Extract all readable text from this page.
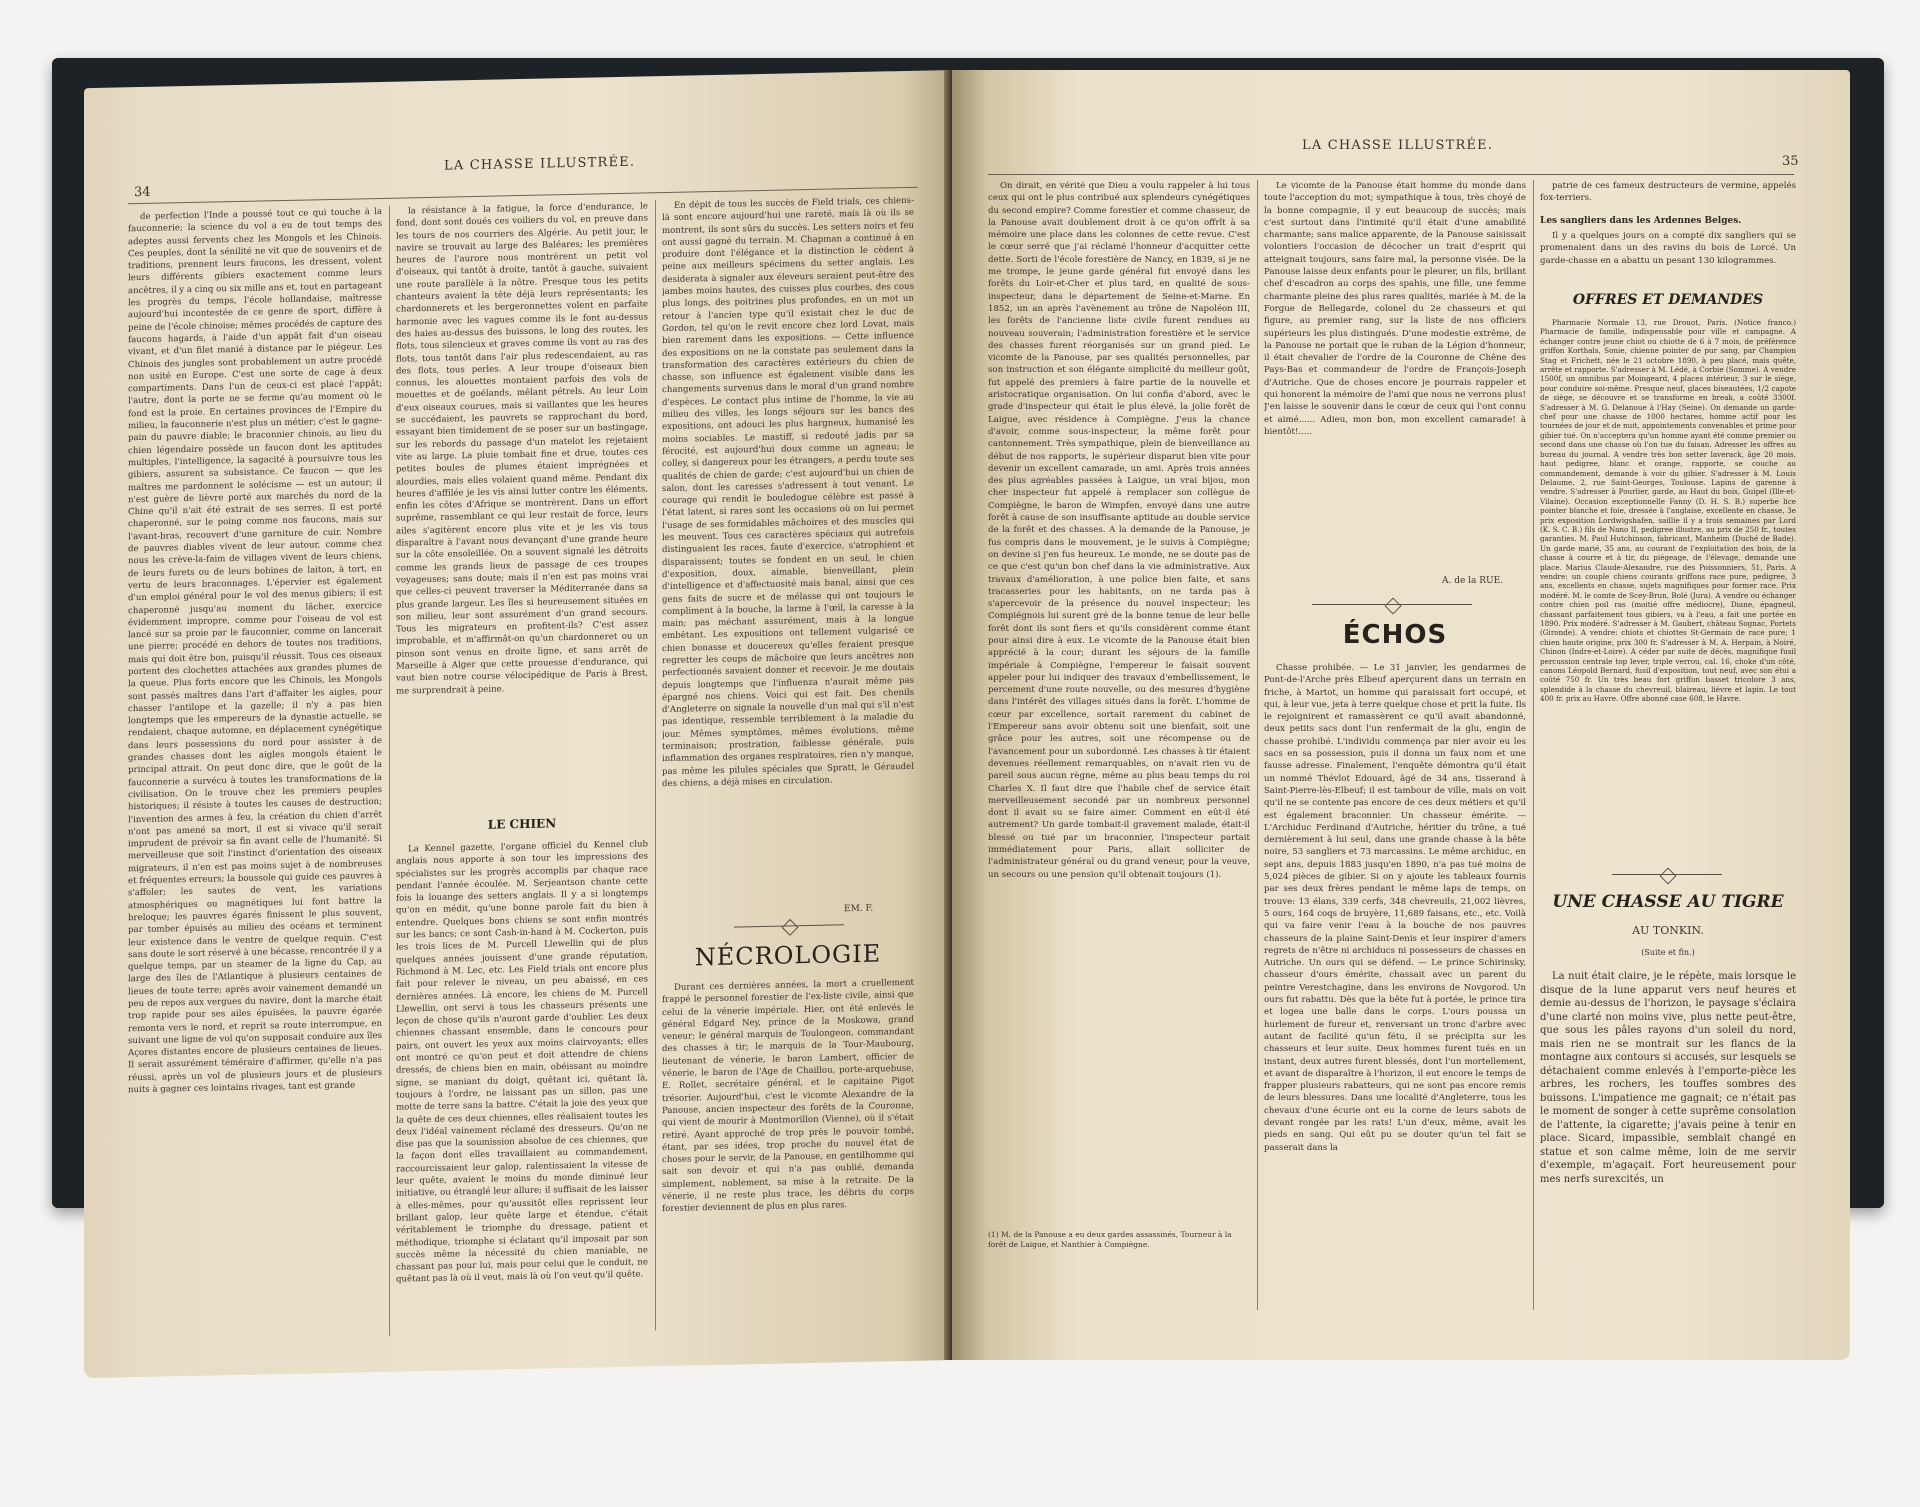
LA CHASSE ILLUSTRÉE.
34

de perfection l'Inde a poussé tout ce qui touche à la fauconnerie; la science du vol a eu de tout temps des adeptes aussi fervents chez les Mongols et les Chinois. Ces peuples, dont la sénilité ne vit que de souvenirs et de traditions, prennent leurs faucons, les dressent, volent leurs différents gibiers exactement comme leurs ancêtres, il y a cinq ou six mille ans et, tout en partageant les progrès du temps, l'école hollandaise, maîtresse aujourd'hui incontestée de ce genre de sport, diffère à peine de l'école chinoise; mêmes procédés de capture des faucons hagards, à l'aide d'un appât fait d'un oiseau vivant, et d'un filet manié à distance par le piégeur. Les Chinois des jungles sont probablement un autre procédé non usité en Europe. C'est une sorte de cage à deux compartiments. Dans l'un de ceux-ci est placé l'appât; l'autre, dont la porte ne se ferme qu'au moment où le fond est la proie. En certaines provinces de l'Empire du milieu, la fauconnerie n'est plus un métier; c'est le gagne-pain du pauvre diable; le braconnier chinois, au lieu du chien légendaire possède un faucon dont les aptitudes multiples, l'intelligence, la sagacité à poursuivre tous les gibiers, assurent sa subsistance. Ce faucon — que les maîtres me pardonnent le solécisme — est un autour; il n'est guère de lièvre porté aux marchés du nord de la Chine qu'il n'ait été extrait de ses serres. Il est porté chaperonné, sur le poing comme nos faucons, mais sur l'avant-bras, recouvert d'une garniture de cuir. Nombre de pauvres diables vivent de leur autour, comme chez nous les crève-la-faim de villages vivent de leurs chiens, de leurs furets ou de leurs bobines de laiton, à tort, en vertu de leurs braconnages. L'épervier est également d'un emploi général pour le vol des menus gibiers; il est chaperonné jusqu'au moment du lâcher, exercice évidemment impropre, comme pour l'oiseau de vol est lancé sur sa proie par le fauconnier, comme on lancerait une pierre; procédé en dehors de toutes nos traditions, mais qui doit être bon, puisqu'il réussit. Tous ces oiseaux portent des clochettes attachées aux grandes plumes de la queue. Plus forts encore que les Chinois, les Mongols sont passés maîtres dans l'art d'affaiter les aigles, pour chasser l'antilope et la gazelle; il n'y a pas bien longtemps que les empereurs de la dynastie actuelle, se rendaient, chaque automne, en déplacement cynégétique dans leurs possessions du nord pour assister à de grandes chasses dont les aigles mongols étaient le principal attrait. On peut donc dire, que le goût de la fauconnerie a survécu à toutes les transformations de la civilisation. On le trouve chez les premiers peuples historiques; il résiste à toutes les causes de destruction; l'invention des armes à feu, la création du chien d'arrêt n'ont pas amené sa mort, il est si vivace qu'il serait imprudent de prévoir sa fin avant celle de l'humanité. Si merveilleuse que soit l'instinct d'orientation des oiseaux migrateurs, il n'en est pas moins sujet à de nombreuses et fréquentes erreurs; la boussole qui guide ces pauvres à s'affoler; les sautes de vent, les variations atmosphériques ou magnétiques lui font battre la breloque; les pauvres égarés finissent le plus souvent, par tomber épuisés au milieu des océans et terminent leur existence dans le ventre de quelque requin. C'est sans doute le sort réservé à une bécasse, rencontrée il y a quelque temps, par un steamer de la ligne du Cap, au large des îles de l'Atlantique à plusieurs centaines de lieues de toute terre; après avoir vainement demandé un peu de repos aux vergues du navire, dont la marche était trop rapide pour ses ailes épuisées, la pauvre égarée remonta vers le nord, et reprit sa route interrompue, en suivant une ligne de vol qu'on supposait conduire aux îles Açores distantes encore de plusieurs centaines de lieues. Il serait assurément téméraire d'affirmer, qu'elle n'a pas réussi, après un vol de plusieurs jours et de plusieurs nuits à gagner ces lointains rivages, tant est grande

la résistance à la fatigue, la force d'endurance, le fond, dont sont doués ces voiliers du vol, en preuve dans les tours de nos courriers des Algérie. Au petit jour, le navire se trouvait au large des Baléares; les premières heures de l'aurore nous montrèrent un petit vol d'oiseaux, qui tantôt à droite, tantôt à gauche, suivaient une route parallèle à la nôtre. Presque tous les petits chanteurs avaient la tête déjà leurs représentants; les chardonnerets et les bergeronnettes volent en parfaite harmonie avec les vagues comme ils le font au-dessus des haies au-dessus des buissons, le long des routes, les flots, tous silencieux et graves comme ils vont au ras des flots, tous tantôt dans l'air plus redescendaient, au ras des flots, tous perles. A leur troupe d'oiseaux bien connus, les alouettes montaient parfois des vols de mouettes et de goélands, mêlant pétrels. Au leur Loin d'eux oiseaux courues, mais si vaillantes que les heures se succédaient, les pauvrets se rapprochant du bord, essayant bien timidement de se poser sur un bastingage, sur les rebords du passage d'un matelot les rejetaient vite au large. La pluie tombait fine et drue, toutes ces petites boules de plumes étaient imprégnées et alourdies, mais elles volaient quand même. Pendant dix heures d'affilée je les vis ainsi lutter contre les éléments, enfin les côtes d'Afrique se montrèrent. Dans un effort suprême, rassemblant ce qui leur restait de force, leurs ailes s'agitèrent encore plus vite et je les vis tous disparaître à l'avant nous devançant d'une grande heure sur la côte ensoleillée. On a souvent signalé les détroits comme les grands lieux de passage de ces troupes voyageuses; sans doute; mais il n'en est pas moins vrai que celles-ci peuvent traverser la Méditerranée dans sa plus grande largeur. Les îles si heureusement situées en son milieu, leur sont assurément d'un grand secours. Tous les migrateurs en profitent-ils? C'est assez improbable, et m'affirmât-on qu'un chardonneret ou un pinson sont venus en droite ligne, et sans arrêt de Marseille à Alger que cette prouesse d'endurance, qui vaut bien notre course vélocipédique de Paris à Brest, me surprendrait à peine.

LE CHIEN

La Kennel gazette, l'organe officiel du Kennel club anglais nous apporte à son tour les impressions des spécialistes sur les progrès accomplis par chaque race pendant l'année écoulée. M. Serjeantson chante cette fois la louange des setters anglais. Il y a si longtemps qu'on en médit, qu'une bonne parole fait du bien à entendre. Quelques bons chiens se sont enfin montrés sur les bancs; ce sont Cash-in-hand à M. Cockerton, puis les trois lices de M. Purcell Llewellin qui de plus quelques années jouissent d'une grande réputation, Richmond à M. Lec, etc. Les Field trials ont encore plus fait pour relever le niveau, un peu abaissé, en ces dernières années. Là encore, les chiens de M. Purcell Llewellin, ont servi à tous les chasseurs présents une leçon de chose qu'ils n'auront garde d'oublier. Les deux chiennes chassant ensemble, dans le concours pour pairs, ont ouvert les yeux aux moins clairvoyants; elles ont montré ce qu'on peut et doit attendre de chiens dressés, de chiens bien en main, obéissant au moindre signe, se maniant du doigt, quêtant ici, quêtant là, toujours à l'ordre, ne laissant pas un sillon, pas une motte de terre sans la battre. C'était la joie des yeux que la quête de ces deux chiennes, elles réalisaient toutes les deux l'idéal vainement réclamé des dresseurs. Qu'on ne dise pas que la soumission absolue de ces chiennes, que la façon dont elles travaillaient au commandement, raccourcissaient leur galop, ralentissaient la vitesse de leur quête, avaient le moins du monde diminué leur initiative, ou étranglé leur allure; il suffisait de les laisser à elles-mêmes, pour qu'aussitôt elles reprissent leur brillant galop, leur quête large et étendue, c'était véritablement le triomphe du dressage, patient et méthodique, triomphe si éclatant qu'il imposait par son succès même la nécessité du chien maniable, ne chassant pas pour lui, mais pour celui que le conduit, ne quêtant pas là où il veut, mais là où l'on veut qu'il quête.

En dépit de tous les succès de Field trials, ces chiens-là sont encore aujourd'hui une rareté, mais là où ils se montrent, ils sont sûrs du succès. Les setters noirs et feu ont aussi gagné du terrain. M. Chapman a continué à en produire dont l'élégance et la distinction le cèdent à peine aux meilleurs spécimens du setter anglais. Les desiderata à signaler aux éleveurs seraient peut-être des jambes moins hautes, des cuisses plus courbes, des cous plus longs, des poitrines plus profondes, en un mot un retour à l'ancien type qu'il existait chez le duc de Gordon, tel qu'on le revit encore chez lord Lovat, mais bien rarement dans les expositions. — Cette influence des expositions on ne la constate pas seulement dans la transformation des caractères extérieurs du chien de chasse, son influence est également visible dans les changements survenus dans le moral d'un grand nombre d'espèces. Le contact plus intime de l'homme, la vie au milieu des villes, les longs séjours sur les bancs des expositions, ont adouci les plus hargneux, humanisé les moins sociables. Le mastiff, si redouté jadis par sa férocité, est aujourd'hui doux comme un agneau; le colley, si dangereux pour les étrangers, a perdu toute ses qualités de chien de garde; c'est aujourd'hui un chien de salon, dont les caresses s'adressent à tout venant. Le courage qui rendit le bouledogue célèbre est passé à l'état latent, si rares sont les occasions où on lui permet l'usage de ses formidables mâchoires et des muscles qui les meuvent. Tous ces caractères spéciaux qui autrefois distinguaient les races, faute d'exercice, s'atrophient et disparaissent; toutes se fondent en un seul, le chien d'exposition, doux, aimable, bienveillant, plein d'intelligence et d'affectuosité mais banal, ainsi que ces gens faits de sucre et de mélasse qui ont toujours le compliment à la bouche, la larme à l'œil, la caresse à la main; pas méchant assurément, mais à la longue embêtant. Les expositions ont tellement vulgarisé ce chien bonasse et doucereux qu'elles feraient presque regretter les coups de mâchoire que leurs ancêtres non perfectionnés savaient donner et recevoir. Je me doutais depuis longtemps que l'influenza n'aurait même pas épargné nos chiens. Voici qui est fait. Des chenils d'Angleterre on signale la nouvelle d'un mal qui s'il n'est pas identique, ressemble terriblement à la maladie du jour. Mêmes symptômes, mêmes évolutions, même terminaison; prostration, faiblesse générale, puis inflammation des organes respiratoires, rien n'y manque, pas même les pilules spéciales que Spratt, le Géraudel des chiens, a déjà mises en circulation.

EM. F.
NÉCROLOGIE

Durant ces dernières années, la mort a cruellement frappé le personnel forestier de l'ex-liste civile, ainsi que celui de la vénerie impériale. Hier, ont été enlevés le général Edgard Ney, prince de la Moskowa, grand veneur; le général marquis de Toulongeon, commandant des chasses à tir; le marquis de la Tour-Maubourg, lieutenant de vénerie, le baron Lambert, officier de vénerie, le baron de l'Age de Chaillou, porte-arquebuse, E. Rollet, secrétaire général, et le capitaine Pigot trésorier. Aujourd'hui, c'est le vicomte Alexandre de la Panouse, ancien inspecteur des forêts de la Couronne, qui vient de mourir à Montmorillon (Vienne), où il s'était retiré. Ayant approché de trop près le pouvoir tombé, étant, par ses idées, trop proche du nouvel état de choses pour le servir, de la Panouse, en gentilhomme qui sait son devoir et qui n'a pas oublié, demanda simplement, noblement, sa mise à la retraite. De la vénerie, il ne reste plus trace, les débris du corps forestier deviennent de plus en plus rares.

LA CHASSE ILLUSTRÉE.
35

On dirait, en vérité que Dieu a voulu rappeler à lui tous ceux qui ont le plus contribué aux splendeurs cynégétiques du second empire? Comme forestier et comme chasseur, de la Panouse avait doublement droit à ce qu'on offrît à sa mémoire une place dans les colonnes de cette revue. C'est le cœur serré que j'ai réclamé l'honneur d'acquitter cette dette. Sorti de l'école forestière de Nancy, en 1839, si je ne me trompe, le jeune garde général fut envoyé dans les forêts du Loir-et-Cher et plus tard, en qualité de sous-inspecteur, dans le département de Seine-et-Marne. En 1852, un an après l'avènement au trône de Napoléon III, les forêts de l'ancienne liste civile furent rendues au nouveau souverain; l'administration forestière et le service des chasses furent réorganisés sur un grand pied. Le vicomte de la Panouse, par ses qualités personnelles, par son instruction et son élégante simplicité du meilleur goût, fut appelé des premiers à faire partie de la nouvelle et aristocratique organisation. On lui confia d'abord, avec le grade d'inspecteur qui était le plus élevé, la jolie forêt de Laigue, avec résidence à Compiègne. J'eus la chance d'avoir, comme sous-inspecteur, la même forêt pour cantonnement. Très sympathique, plein de bienveillance au début de nos rapports, le supérieur disparut bien vite pour devenir un excellent camarade, un ami. Après trois années des plus agréables passées à Laigue, un vrai bijou, mon cher inspecteur fut appelé à remplacer son collègue de Compiègne, le baron de Wimpfen, envoyé dans une autre forêt à cause de son insuffisante aptitude au double service de la forêt et des chasses. A la demande de la Panouse, je fus compris dans le mouvement, je le suivis à Compiègne; on devine si j'en fus heureux. Le monde, ne se doute pas de ce que c'est qu'un bon chef dans la vie administrative. Aux travaux d'amélioration, à une police bien faite, et sans tracasseries pour les habitants, on ne tarda pas à s'apercevoir de la présence du nouvel inspecteur; les Compiégnois lui surent gré de la bonne tenue de leur belle forêt dont ils sont fiers et qu'ils considèrent comme étant pour ainsi dire à eux. Le vicomte de la Panouse était bien apprécié à la cour; durant les séjours de la famille impériale à Compiègne, l'empereur le faisait souvent appeler pour lui indiquer des travaux d'embellissement, le percement d'une route nouvelle, ou des mesures d'hygiène dans l'intérêt des villages situés dans la forêt. L'homme de cœur par excellence, sortait rarement du cabinet de l'Empereur sans avoir obtenu soit une bienfait, soit une grâce pour les autres, soit une récompense ou de l'avancement pour un subordonné. Les chasses à tir étaient devenues réellement remarquables, on n'avait rien vu de pareil sous aucun règne, même au plus beau temps du roi Charles X. Il faut dire que l'habile chef de service était merveilleusement secondé par un nombreux personnel dont il avait su se faire aimer. Comment en eût-il été autrement? Un garde tombait-il gravement malade, était-il blessé ou tué par un braconnier, l'inspecteur partait immédiatement pour Paris, allait solliciter de l'administrateur général ou du grand veneur, pour la veuve, un secours ou une pension qu'il obtenait toujours (1).

(1) M. de la Panouse a eu deux gardes assassinés, Tourneur à la forêt de Laigue, et Nanthier à Compiègne.

Le vicomte de la Panouse était homme du monde dans toute l'acception du mot; sympathique à tous, très choyé de la bonne compagnie, il y eut beaucoup de succès; mais c'est surtout dans l'intimité qu'il était d'une amabilité charmante; sans malice apparente, de la Panouse saisissait volontiers l'occasion de décocher un trait d'esprit qui atteignait toujours, sans faire mal, la personne visée. De la Panouse laisse deux enfants pour le pleurer, un fils, brillant chef d'escadron au corps des spahis, une fille, une femme charmante pleine des plus rares qualités, mariée à M. de la Forgue de Bellegarde, colonel du 2e chasseurs et qui figure, au premier rang, sur la liste de nos officiers supérieurs les plus distingués. D'une modestie extrême, de la Panouse ne portait que le ruban de la Légion d'honneur, il était chevalier de l'ordre de la Couronne de Chêne des Pays-Bas et commandeur de l'ordre de François-Joseph d'Autriche. Que de choses encore je pourrais rappeler et qui honorent la mémoire de l'ami que nous ne verrons plus! J'en laisse le souvenir dans le cœur de ceux qui l'ont connu et aimé...... Adieu, mon bon, mon excellent camarade! à bientôt!.....

A. de la RUE.
ÉCHOS

Chasse prohibée. — Le 31 janvier, les gendarmes de Pont-de-l'Arche près Elbeuf aperçurent dans un terrain en friche, à Martot, un homme qui paraissait fort occupé, et qui, à leur vue, jeta à terre quelque chose et prit la fuite. Ils le rejoignirent et ramassèrent ce qu'il avait abandonné, deux petits sacs dont l'un renfermait de la glu, engin de chasse prohibé. L'individu commença par nier avoir eu les sacs en sa possession, puis il donna un faux nom et une fausse adresse. Finalement, l'enquête démontra qu'il était un nommé Thévlot Edouard, âgé de 34 ans, tisserand à Saint-Pierre-lès-Elbeuf; il est tambour de ville, mais on voit qu'il ne se contente pas encore de ces deux métiers et qu'il est également braconnier. Un chasseur émérite. — L'Archiduc Ferdinand d'Autriche, héritier du trône, a tué dernièrement à lui seul, dans une grande chasse à la bête noire, 53 sangliers et 73 marcassins. Le même archiduc, en sept ans, depuis 1883 jusqu'en 1890, n'a pas tué moins de 5,024 pièces de gibier. Si on y ajoute les tableaux fournis par ses deux frères pendant le même laps de temps, on trouve: 13 élans, 339 cerfs, 348 chevreuils, 21,002 lièvres, 5 ours, 164 coqs de bruyère, 11,689 faisans, etc., etc. Voilà qui va faire venir l'eau à la bouche de nos pauvres chasseurs de la plaine Saint-Denis et leur inspirer d'amers regrets de n'être ni archiducs ni possesseurs de chasses en Autriche. Un ours qui se défend. — Le prince Schirinsky, chasseur d'ours émérite, chassait avec un parent du peintre Verestchagine, dans les environs de Novgorod. Un ours fut rabattu. Dès que la bête fut à portée, le prince tira et logea une balle dans le corps. L'ours poussa un hurlement de fureur et, renversant un tronc d'arbre avec autant de facilité qu'un fétu, il se précipita sur les chasseurs et leur suite. Deux hommes furent tués en un instant, deux autres furent blessés, dont l'un mortellement, et avant de disparaître à l'horizon, il eut encore le temps de frapper plusieurs rabatteurs, qui ne sont pas encore remis de leurs blessures. Dans une localité d'Angleterre, tous les chevaux d'une écurie ont eu la corne de leurs sabots de devant rongée par les rats! L'un d'eux, même, avait les pieds en sang. Qui eût pu se douter qu'un tel fait se passerait dans la

patrie de ces fameux destructeurs de vermine, appelés fox-terriers.

Les sangliers dans les Ardennes Belges.

Il y a quelques jours on a compté dix sangliers qui se promenaient dans un des ravins du bois de Lorcé. Un garde-chasse en a abattu un pesant 130 kilogrammes.

OFFRES ET DEMANDES

Pharmacie Normale 13, rue Drouot, Paris. (Notice franco.) Pharmacie de famille, indispensable pour ville et campagne. A échanger contre jeune chiot ou chiotte de 6 à 7 mois, de préférence griffon Korthals, Sonie, chienne pointer de pur sang, par Champion Stag et Frichett, née le 21 octobre 1890, à peu placé, mais quête, arrête et rapporte. S'adresser à M. Lédé, à Corbie (Somme). A vendre 1500f, un omnibus par Moingeard, 4 places intérieur, 3 sur le siège, pour conduire soi-même. Presque neuf, glaces biseautées, 1/2 capote de siège, se découvre et se transforme en break, a coûté 3300f. S'adresser à M. G. Delanoue à l'Hay (Seine). On demande un garde-chef pour une chasse de 1000 hectares, homme actif pour les tournées de jour et de nuit, appointements convenables et prime pour gibier tué. On n'acceptera qu'un homme ayant été comme premier ou second dans une chasse où l'on tue du faisan. Adresser les offres au bureau du journal. A vendre très bon setter laverack, âge 20 mois, haut pedigree, blanc et orange, rapporte, se couche au commandement, demande à voir du gibier. S'adresser à M. Louis Delaume, 2, rue Saint-Georges, Toulouse. Lapins de garenne à vendre. S'adresser à Pourlier, garde, au Haut du bois, Guipel (Ille-et-Vilaine). Occasion exceptionnelle Fanny (D. H. S. B.) superbe lice pointer blanche et foie, dressée à l'anglaise, excellente en chasse, 3e prix exposition Lordwigshafen, saillie il y a trois semaines par Lord (K. S. C. B.) fils de Nano II, pedigree illustre, au prix de 250 fr., toutes garanties. M. Paul Hutchinson, fabricant, Manheim (Duché de Bade). Un garde marié, 35 ans, au courant de l'exploitation des bois, de la chasse à courre et à tir, du piégeage, de l'élevage, demande une place. Marius Claude-Alexandre, rue des Poissonniers, 51, Paris. A vendre: un couple chiens courants griffons race pure, pedigree, 3 ans, excellents en chasse, sujets magnifiques pour former race. Prix modéré. M. le comte de Scey-Brun, Bolé (Jura). A vendre ou échanger contre chien poil ras (moitié offre médiocre), Diane, épagneul, chassant parfaitement tous gibiers, va à l'eau, a fait une portée en 1890. Prix modéré. S'adresser à M. Gaubert, château Sognac, Portets (Gironde). A vendre: chiots et chiottes St-Germain de race pure; 1 chien haute origine, prix 300 fr. S'adresser à M. A. Herpain, à Noiré, Chinon (Indre-et-Loire). A céder par suite de décès, magnifique fusil percussion centrale top lever, triple verrou, cal. 16, choke d'un côté, canons Léopold Bernard, fusil d'exposition, tout neuf, avec son étui a coûté 750 fr. Un très beau fort griffon basset tricolore 3 ans, splendide à la chasse du chevreuil, blaireau, lièvre et lapin. Le tout 400 fr. prix au Havre. Offre abonné case 608, le Havre.

UNE CHASSE AU TIGRE
AU TONKIN.
(Suite et fin.)

La nuit était claire, je le répète, mais lorsque le disque de la lune apparut vers neuf heures et demie au-dessus de l'horizon, le paysage s'éclaira d'une clarté non moins vive, plus nette peut-être, que sous les pâles rayons d'un soleil du nord, mais rien ne se montrait sur les flancs de la montagne aux contours si accusés, sur lesquels se détachaient comme enlevés à l'emporte-pièce les arbres, les rochers, les touffes sombres des buissons. L'impatience me gagnait; ce n'était pas le moment de songer à cette suprême consolation de l'attente, la cigarette; j'avais peine à tenir en place. Sicard, impassible, semblait changé en statue et son calme même, loin de me servir d'exemple, m'agaçait. Fort heureusement pour mes nerfs surexcités, un
